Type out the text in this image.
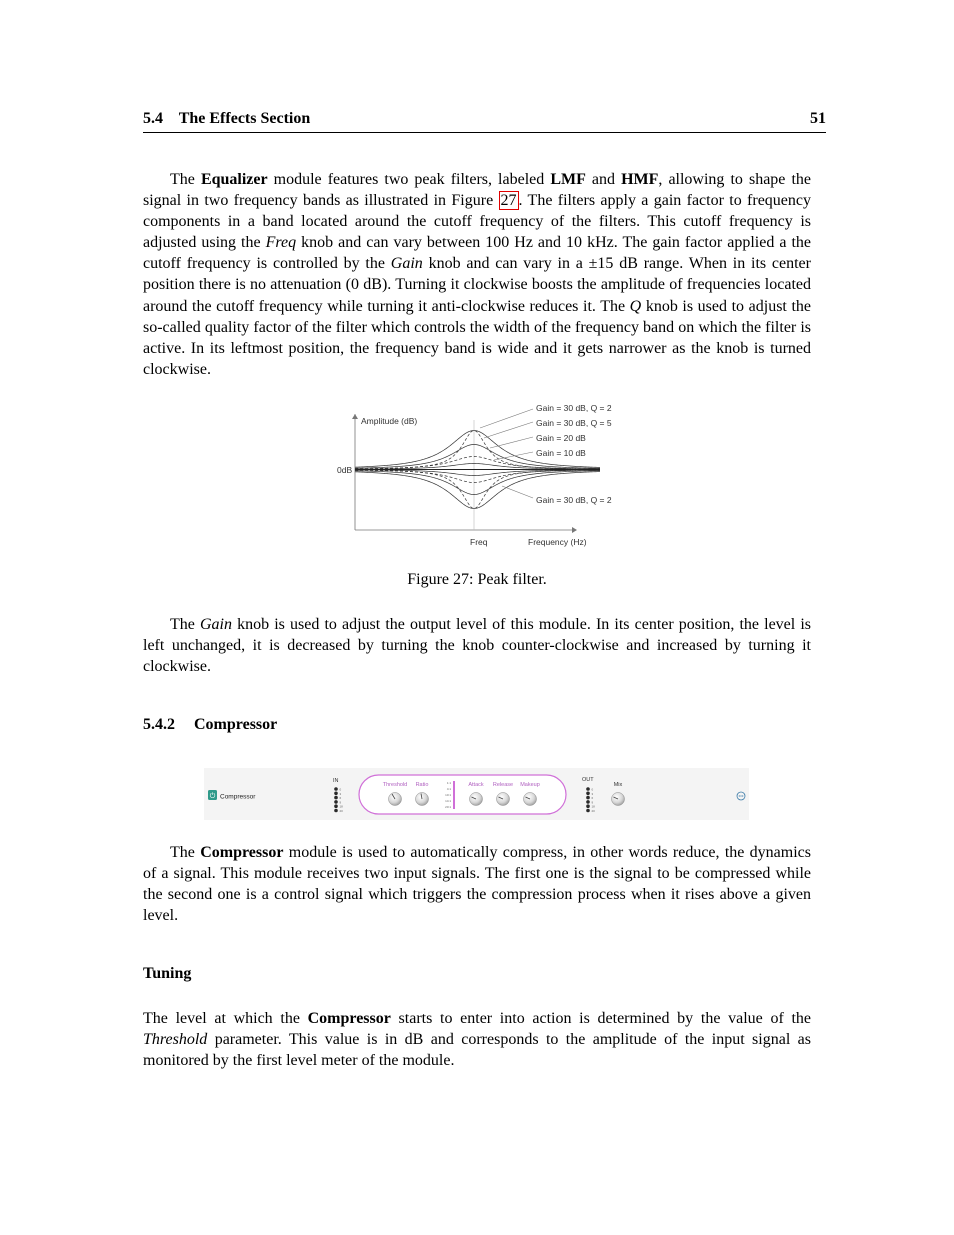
5.4    The Effects Section	51

The Equalizer module features two peak filters, labeled LMF and HMF, allowing to shape the signal in two frequency bands as illustrated in Figure 27 . The filters apply a gain factor to frequency components in a band located around the cutoff frequency of the filters. This cutoff frequency is adjusted using the Freq knob and can vary between 100 Hz and 10 kHz. The gain factor applied a the cutoff frequency is controlled by the Gain knob and can vary in a ±15 dB range. When in its center position there is no attenuation (0 dB). Turning it clockwise boosts the amplitude of frequencies located around the cutoff frequency while turning it anti-clockwise reduces it. The Q knob is used to adjust the so-called quality factor of the filter which controls the width of the frequency band on which the filter is active. In its leftmost position, the frequency band is wide and it gets narrower as the knob is turned clockwise.

Amplitude (dB)
0dB
Freq	Frequency (Hz)
Gain = 30 dB, Q = 2
Gain = 30 dB, Q = 5
Gain = 20 dB
Gain = 10 dB
Gain = 30 dB, Q = 2
Figure 27: Peak filter.

The Gain knob is used to adjust the output level of this module. In its center position, the level is left unchanged, it is decreased by turning the knob counter-clockwise and increased by turning it clockwise.

5.4.2 Compressor
⏻ Compressor
IN
0
3
6
9
18
20
Threshold Ratio	1:1
4:1
10:1
14:1
20:1
Attack Release Makeup
OUT
0
3
6
9
18
20
Mix

The Compressor module is used to automatically compress, in other words reduce, the dynamics of a signal. This module receives two input signals. The first one is the signal to be compressed while the second one is a control signal which triggers the compression process when it rises above a given level.

Tuning

The level at which the Compressor starts to enter into action is determined by the value of the Threshold parameter. This value is in dB and corresponds to the amplitude of the input signal as monitored by the first level meter of the module.
